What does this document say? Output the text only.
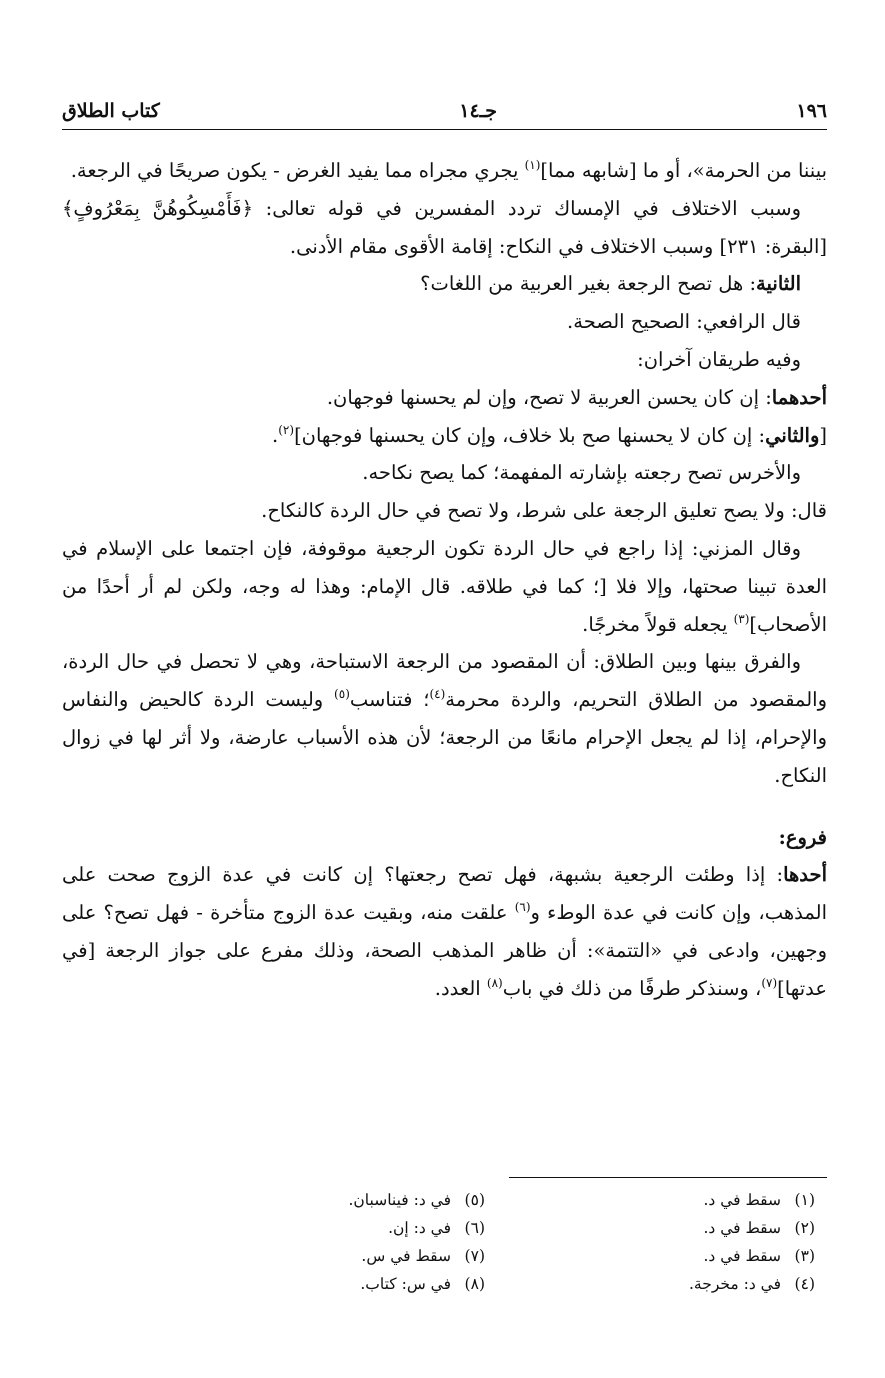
١٩٦
جـ١٤
كتاب الطلاق

بيننا من الحرمة»، أو ما [شابهه مما]$^{(١)}$ يجري مجراه مما يفيد الغرض - يكون صريحًا في الرجعة.

وسبب الاختلاف في الإمساك تردد المفسرين في قوله تعالى: ﴿فَأَمْسِكُوهُنَّ بِمَعْرُوفٍ﴾ [البقرة: ٢٣١] وسبب الاختلاف في النكاح: إقامة الأقوى مقام الأدنى.

الثانية: هل تصح الرجعة بغير العربية من اللغات؟

قال الرافعي: الصحيح الصحة.

وفيه طريقان آخران:

أحدهما: إن كان يحسن العربية لا تصح، وإن لم يحسنها فوجهان.

[والثاني: إن كان لا يحسنها صح بلا خلاف، وإن كان يحسنها فوجهان]$^{(٢)}$.

والأخرس تصح رجعته بإشارته المفهمة؛ كما يصح نكاحه.

قال: ولا يصح تعليق الرجعة على شرط، ولا تصح في حال الردة كالنكاح.

وقال المزني: إذا راجع في حال الردة تكون الرجعية موقوفة، فإن اجتمعا على الإسلام في العدة تبينا صحتها، وإلا فلا [؛ كما في طلاقه. قال الإمام: وهذا له وجه، ولكن لم أر أحدًا من الأصحاب]$^{(٣)}$ يجعله قولاً مخرجًا.

والفرق بينها وبين الطلاق: أن المقصود من الرجعة الاستباحة، وهي لا تحصل في حال الردة، والمقصود من الطلاق التحريم، والردة محرمة$^{(٤)}$؛ فتناسب$^{(٥)}$ وليست الردة كالحيض والنفاس والإحرام، إذا لم يجعل الإحرام مانعًا من الرجعة؛ لأن هذه الأسباب عارضة، ولا أثر لها في زوال النكاح.

فروع:

أحدها: إذا وطئت الرجعية بشبهة، فهل تصح رجعتها؟ إن كانت في عدة الزوج صحت على المذهب، وإن كانت في عدة الوطء و$^{(٦)}$ علقت منه، وبقيت عدة الزوج متأخرة - فهل تصح؟ على وجهين، وادعى في «التتمة»: أن ظاهر المذهب الصحة، وذلك مفرع على جواز الرجعة [في عدتها]$^{(٧)}$، وسنذكر طرفًا من ذلك في باب$^{(٨)}$ العدد.

(١)سقط في د.
(٢)سقط في د.
(٣)سقط في د.
(٤)في د: مخرجة.
(٥)في د: فيناسبان.
(٦)في د: إن.
(٧)سقط في س.
(٨)في س: كتاب.
